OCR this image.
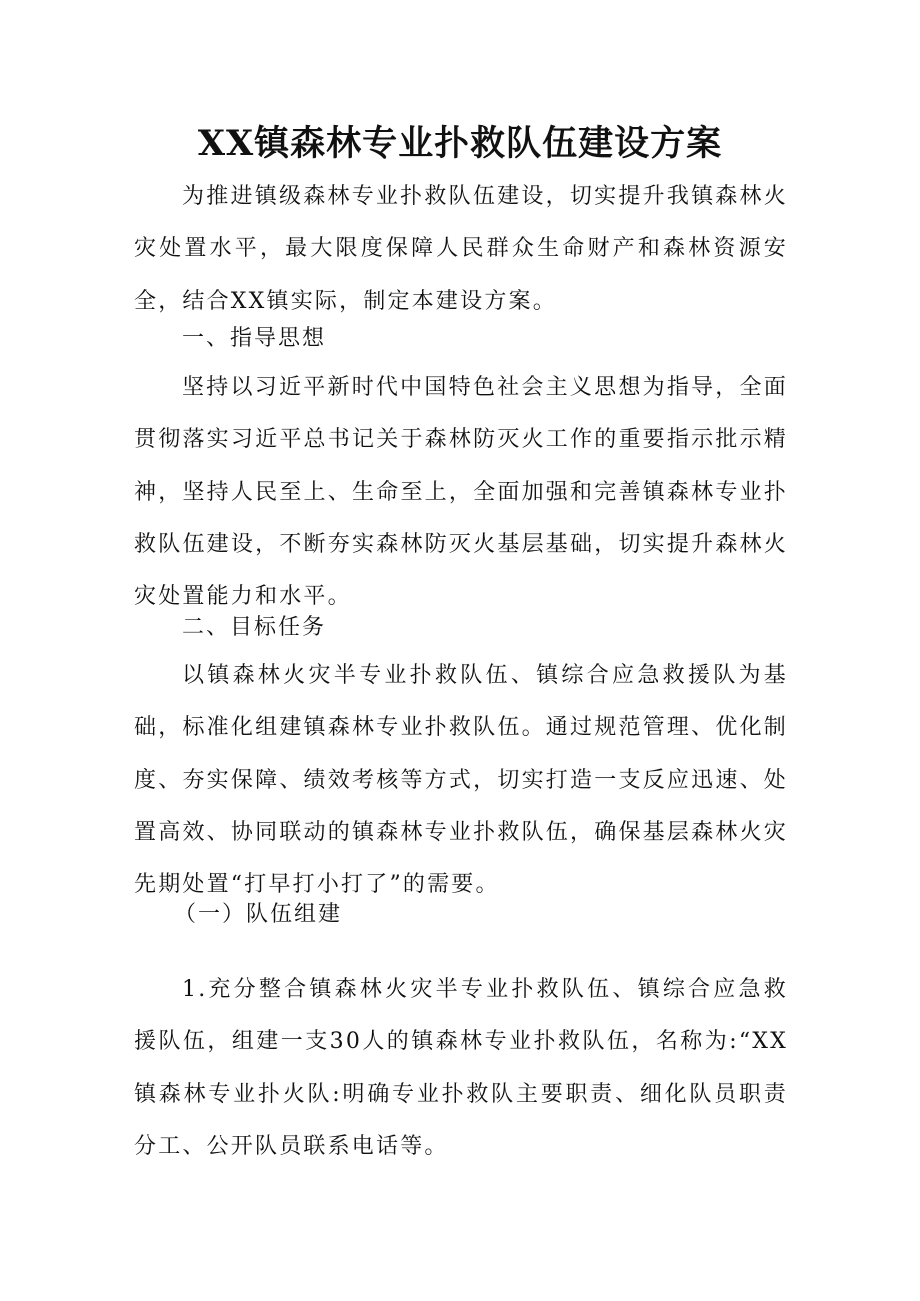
XX镇森林专业扑救队伍建设方案

为推进镇级森林专业扑救队伍建设，切实提升我镇森林火灾处置水平，最大限度保障人民群众生命财产和森林资源安全，结合XX镇实际，制定本建设方案。

一、指导思想

坚持以习近平新时代中国特色社会主义思想为指导，全面贯彻落实习近平总书记关于森林防灭火工作的重要指示批示精神，坚持人民至上、生命至上，全面加强和完善镇森林专业扑救队伍建设，不断夯实森林防灭火基层基础，切实提升森林火灾处置能力和水平。

二、目标任务

以镇森林火灾半专业扑救队伍、镇综合应急救援队为基础，标准化组建镇森林专业扑救队伍。通过规范管理、优化制度、夯实保障、绩效考核等方式，切实打造一支反应迅速、处置高效、协同联动的镇森林专业扑救队伍，确保基层森林火灾先期处置“打早打小打了”的需要。

（一）队伍组建

1.充分整合镇森林火灾半专业扑救队伍、镇综合应急救援队伍，组建一支30人的镇森林专业扑救队伍，名称为:“XX镇森林专业扑火队:明确专业扑救队主要职责、细化队员职责分工、公开队员联系电话等。
